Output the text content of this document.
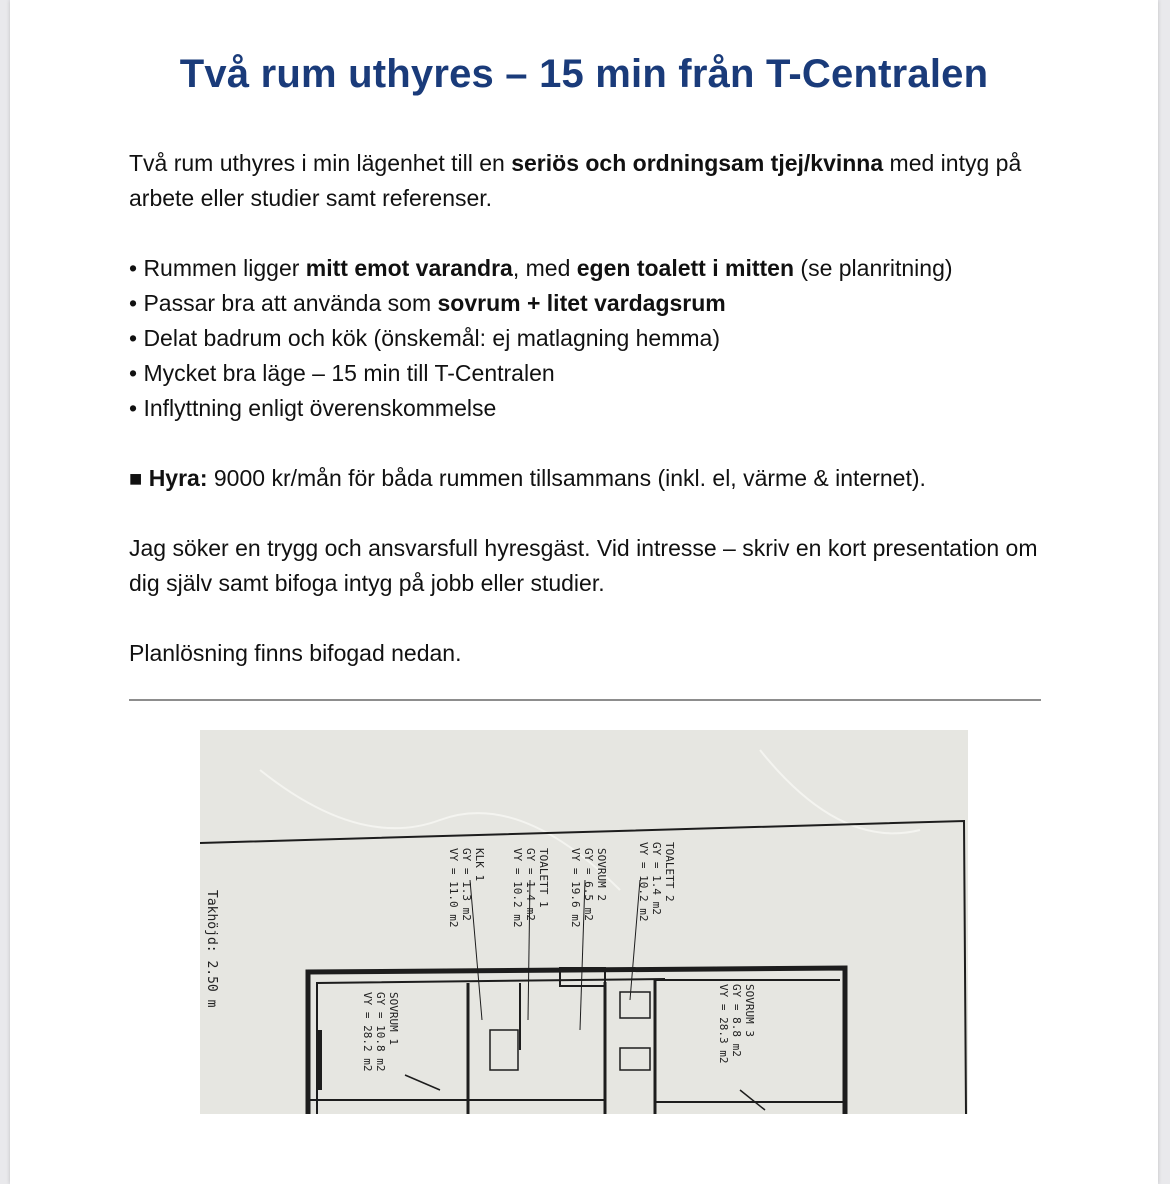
Två rum uthyres – 15 min från T-Centralen

Två rum uthyres i min lägenhet till en seriös och ordningsam tjej/kvinna med intyg på arbete eller studier samt referenser.

• Rummen ligger mitt emot varandra, med egen toalett i mitten (se planritning)
• Passar bra att använda som sovrum + litet vardagsrum
• Delat badrum och kök (önskemål: ej matlagning hemma)
• Mycket bra läge – 15 min till T-Centralen
• Inflyttning enligt överenskommelse

■ Hyra: 9000 kr/mån för båda rummen tillsammans (inkl. el, värme & internet).

Jag söker en trygg och ansvarsfull hyresgäst. Vid intresse – skriv en kort presentation om dig själv samt bifoga intyg på jobb eller studier.

Planlösning finns bifogad nedan.

Takhöjd: 2.50 m
KLK 1
GY = 1.3 m2
VY = 11.0 m2	TOALETT 1
GY = 1.4 m2
VY = 10.2 m2	SOVRUM 2
GY = 6.5 m2
VY = 19.6 m2	TOALETT 2
GY = 1.4 m2
VY = 10.2 m2
SOVRUM 1
GY = 10.8 m2
VY = 28.2 m2	SOVRUM 3
GY = 8.8 m2
VY = 28.3 m2
